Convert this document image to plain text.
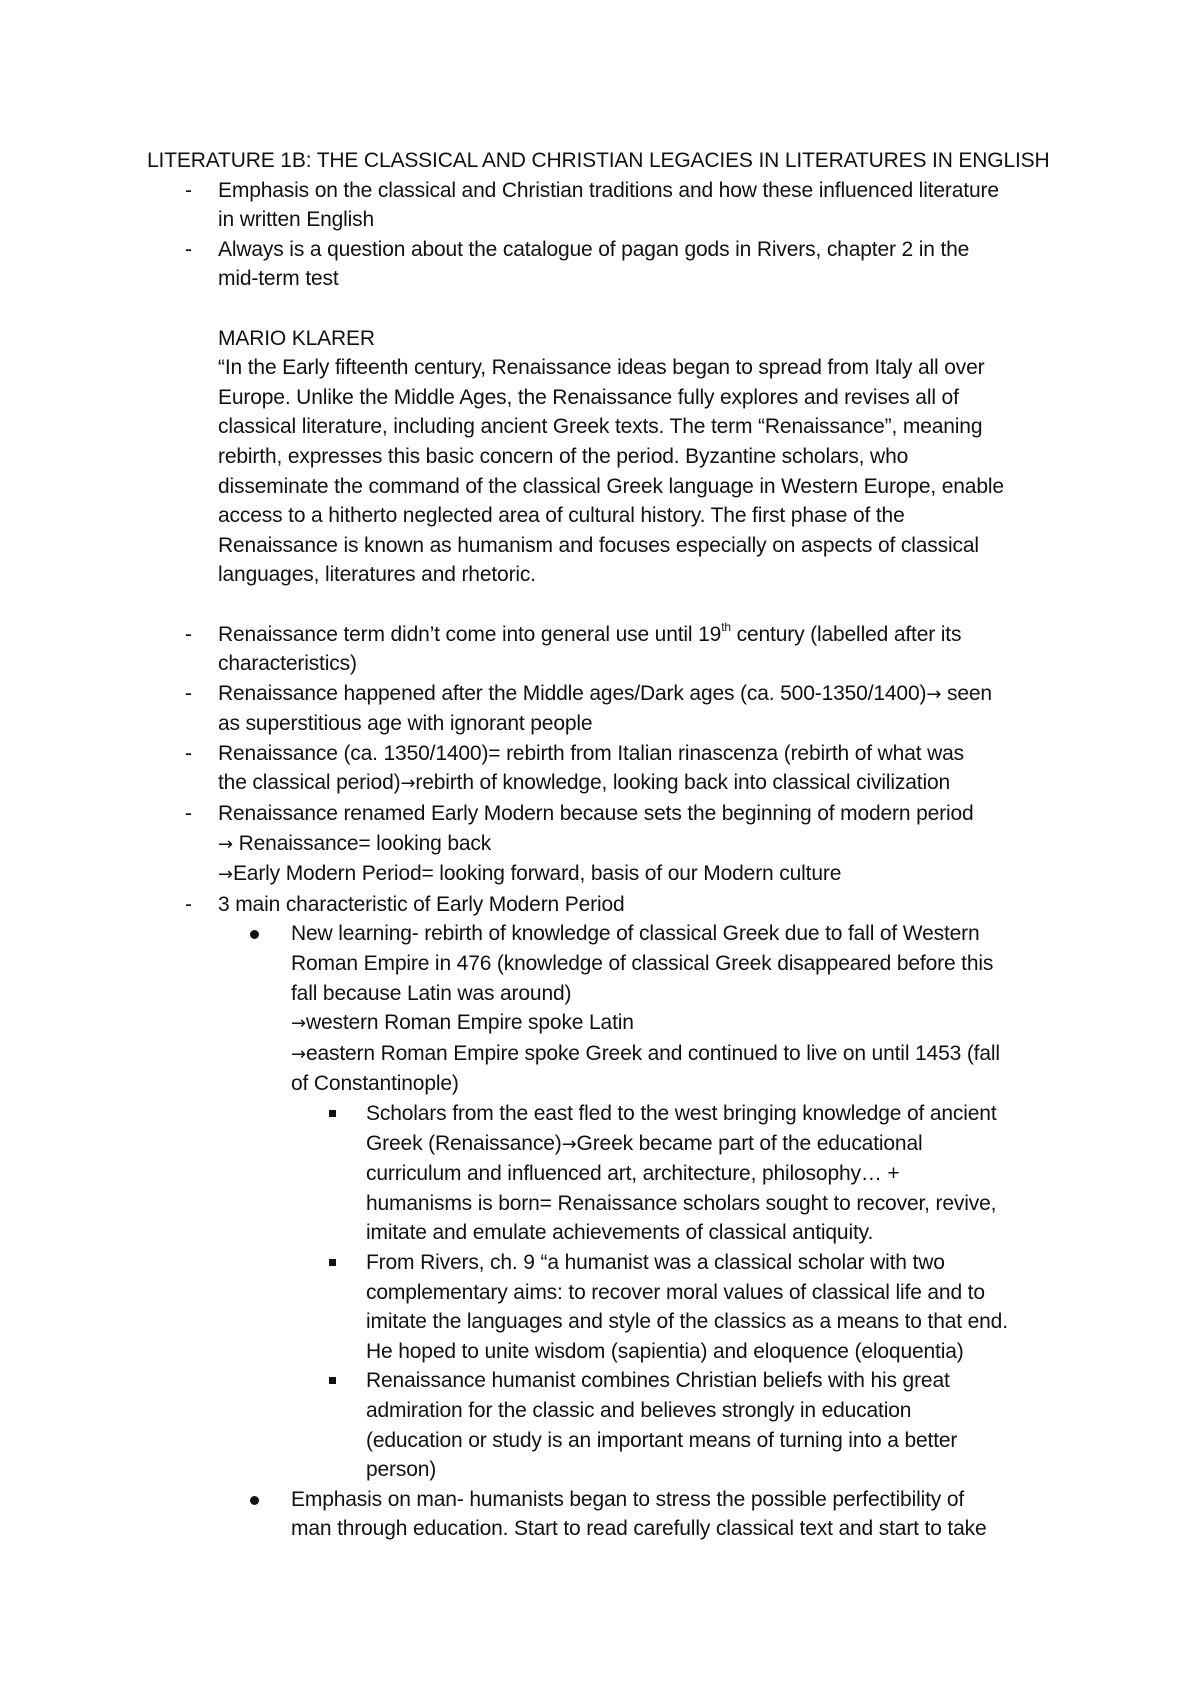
LITERATURE 1B: THE CLASSICAL AND CHRISTIAN LEGACIES IN LITERATURES IN ENGLISH
- Emphasis on the classical and Christian traditions and how these influenced literature
in written English
- Always is a question about the catalogue of pagan gods in Rivers, chapter 2 in the
mid-term test
MARIO KLARER
“In the Early fifteenth century, Renaissance ideas began to spread from Italy all over
Europe. Unlike the Middle Ages, the Renaissance fully explores and revises all of
classical literature, including ancient Greek texts. The term “Renaissance”, meaning
rebirth, expresses this basic concern of the period. Byzantine scholars, who
disseminate the command of the classical Greek language in Western Europe, enable
access to a hitherto neglected area of cultural history. The first phase of the
Renaissance is known as humanism and focuses especially on aspects of classical
languages, literatures and rhetoric.
- Renaissance term didn’t come into general use until 19th century (labelled after its
characteristics)
- Renaissance happened after the Middle ages/Dark ages (ca. 500-1350/1400)→ seen
as superstitious age with ignorant people
- Renaissance (ca. 1350/1400)= rebirth from Italian rinascenza (rebirth of what was
the classical period)→rebirth of knowledge, looking back into classical civilization
- Renaissance renamed Early Modern because sets the beginning of modern period
→ Renaissance= looking back
→Early Modern Period= looking forward, basis of our Modern culture
- 3 main characteristic of Early Modern Period
New learning- rebirth of knowledge of classical Greek due to fall of Western
Roman Empire in 476 (knowledge of classical Greek disappeared before this
fall because Latin was around)
→western Roman Empire spoke Latin
→eastern Roman Empire spoke Greek and continued to live on until 1453 (fall
of Constantinople)
Scholars from the east fled to the west bringing knowledge of ancient
Greek (Renaissance)→Greek became part of the educational
curriculum and influenced art, architecture, philosophy… +
humanisms is born= Renaissance scholars sought to recover, revive,
imitate and emulate achievements of classical antiquity.
From Rivers, ch. 9 “a humanist was a classical scholar with two
complementary aims: to recover moral values of classical life and to
imitate the languages and style of the classics as a means to that end.
He hoped to unite wisdom (sapientia) and eloquence (eloquentia)
Renaissance humanist combines Christian beliefs with his great
admiration for the classic and believes strongly in education
(education or study is an important means of turning into a better
person)
Emphasis on man- humanists began to stress the possible perfectibility of
man through education. Start to read carefully classical text and start to take
